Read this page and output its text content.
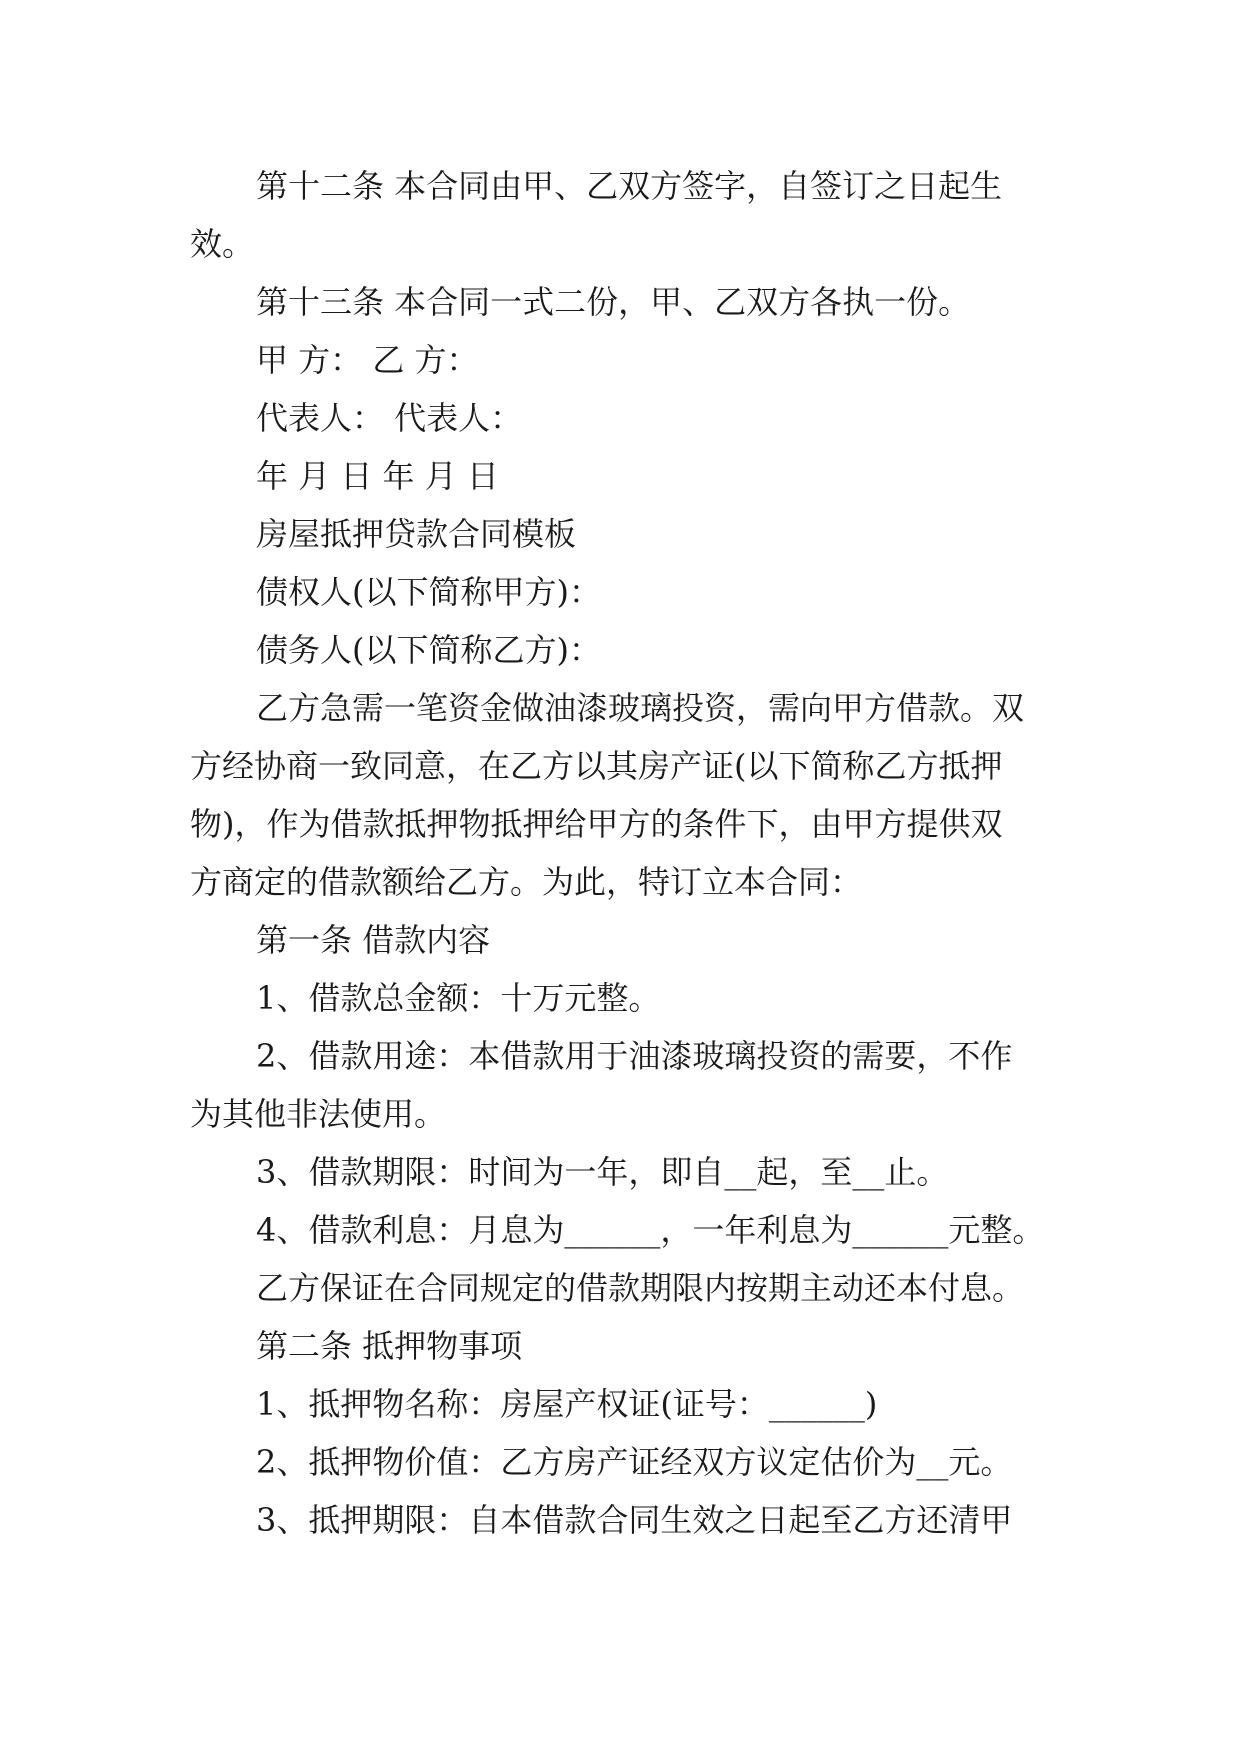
第十二条 本合同由甲、乙双方签字，自签订之日起生
效。
第十三条 本合同一式二份，甲、乙双方各执一份。
甲 方： 乙 方：
代表人： 代表人：
年 月 日 年 月 日
房屋抵押贷款合同模板
债权人(以下简称甲方)：
债务人(以下简称乙方)：
乙方急需一笔资金做油漆玻璃投资，需向甲方借款。双
方经协商一致同意，在乙方以其房产证(以下简称乙方抵押
物)，作为借款抵押物抵押给甲方的条件下，由甲方提供双
方商定的借款额给乙方。为此，特订立本合同：
第一条 借款内容
1、借款总金额：十万元整。
2、借款用途：本借款用于油漆玻璃投资的需要，不作
为其他非法使用。
3、借款期限：时间为一年，即自__起，至__止。
4、借款利息：月息为______，一年利息为______元整。
乙方保证在合同规定的借款期限内按期主动还本付息。
第二条 抵押物事项
1、抵押物名称：房屋产权证(证号：______)
2、抵押物价值：乙方房产证经双方议定估价为__元。
3、抵押期限：自本借款合同生效之日起至乙方还清甲
